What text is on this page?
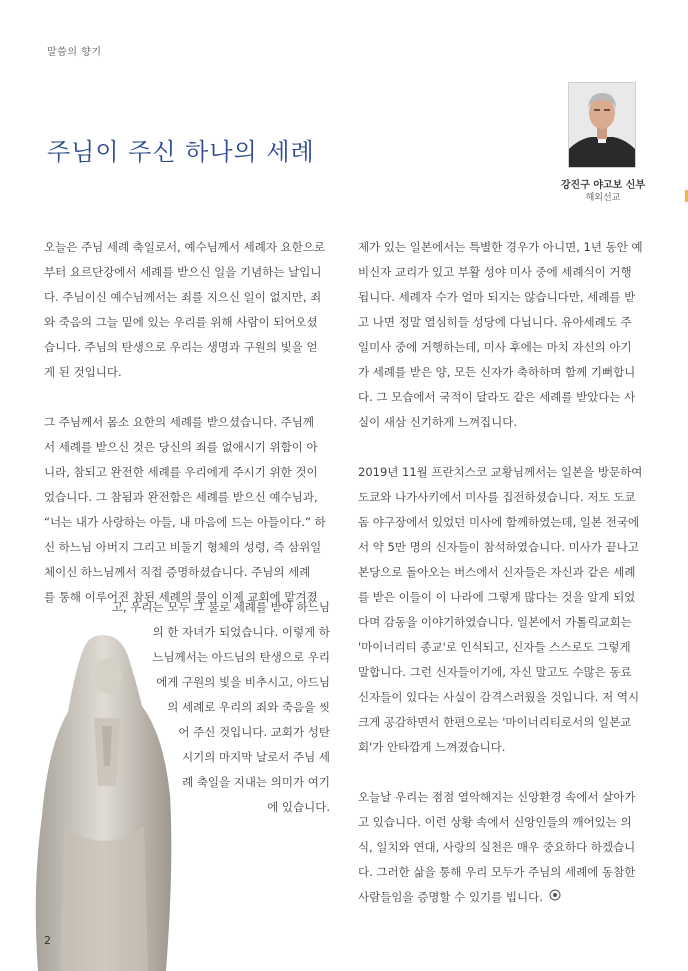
말씀의 향기
주님이 주신 하나의 세례
강진구 야고보 신부
해외선교

오늘은 주님 세례 축일로서, 예수님께서 세례자 요한으로
부터 요르단강에서 세례를 받으신 일을 기념하는 날입니
다. 주님이신 예수님께서는 죄를 지으신 일이 없지만, 죄
와 죽음의 그늘 밑에 있는 우리를 위해 사람이 되어오셨
습니다. 주님의 탄생으로 우리는 생명과 구원의 빛을 얻
게 된 것입니다.

그 주님께서 몸소 요한의 세례를 받으셨습니다. 주님께
서 세례를 받으신 것은 당신의 죄를 없애시기 위함이 아
니라, 참되고 완전한 세례를 우리에게 주시기 위한 것이
었습니다. 그 참됨과 완전함은 세례를 받으신 예수님과,
“너는 내가 사랑하는 아들, 내 마음에 드는 아들이다.” 하
신 하느님 아버지 그리고 비둘기 형체의 성령, 즉 삼위일
체이신 하느님께서 직접 증명하셨습니다. 주님의 세례
를 통해 이루어진 참된 세례의 물이 이제 교회에 맡겨졌

고, 우리는 모두 그 물로 세례를 받아 하느님
의 한 자녀가 되었습니다. 이렇게 하
느님께서는 아드님의 탄생으로 우리
에게 구원의 빛을 비추시고, 아드님
의 세례로 우리의 죄와 죽음을 씻
어 주신 것입니다. 교회가 성탄
시기의 마지막 날로서 주님 세
례 축일을 지내는 의미가 여기
에 있습니다.

제가 있는 일본에서는 특별한 경우가 아니면, 1년 동안 예
비신자 교리가 있고 부활 성야 미사 중에 세례식이 거행
됩니다. 세례자 수가 얼마 되지는 않습니다만, 세례를 받
고 나면 정말 열심히들 성당에 다닙니다. 유아세례도 주
일미사 중에 거행하는데, 미사 후에는 마치 자신의 아기
가 세례를 받은 양, 모든 신자가 축하하며 함께 기뻐합니
다. 그 모습에서 국적이 달라도 같은 세례를 받았다는 사
실이 새삼 신기하게 느껴집니다.

2019년 11월 프란치스코 교황님께서는 일본을 방문하여
도쿄와 나가사키에서 미사를 집전하셨습니다. 저도 도쿄
돔 야구장에서 있었던 미사에 함께하였는데, 일본 전국에
서 약 5만 명의 신자들이 참석하였습니다. 미사가 끝나고
본당으로 돌아오는 버스에서 신자들은 자신과 같은 세례
를 받은 이들이 이 나라에 그렇게 많다는 것을 알게 되었
다며 감동을 이야기하였습니다. 일본에서 가톨릭교회는
'마이너리티 종교'로 인식되고, 신자들 스스로도 그렇게
말합니다. 그런 신자들이기에, 자신 말고도 수많은 동료
신자들이 있다는 사실이 감격스러웠을 것입니다. 저 역시
크게 공감하면서 한편으로는 '마이너리티로서의 일본교
회'가 안타깝게 느껴졌습니다.

오늘날 우리는 점점 열악해지는 신앙환경 속에서 살아가
고 있습니다. 이런 상황 속에서 신앙인들의 깨어있는 의
식, 일치와 연대, 사랑의 실천은 매우 중요하다 하겠습니
다. 그러한 삶을 통해 우리 모두가 주님의 세례에 동참한
사람들임을 증명할 수 있기를 빕니다.

2
